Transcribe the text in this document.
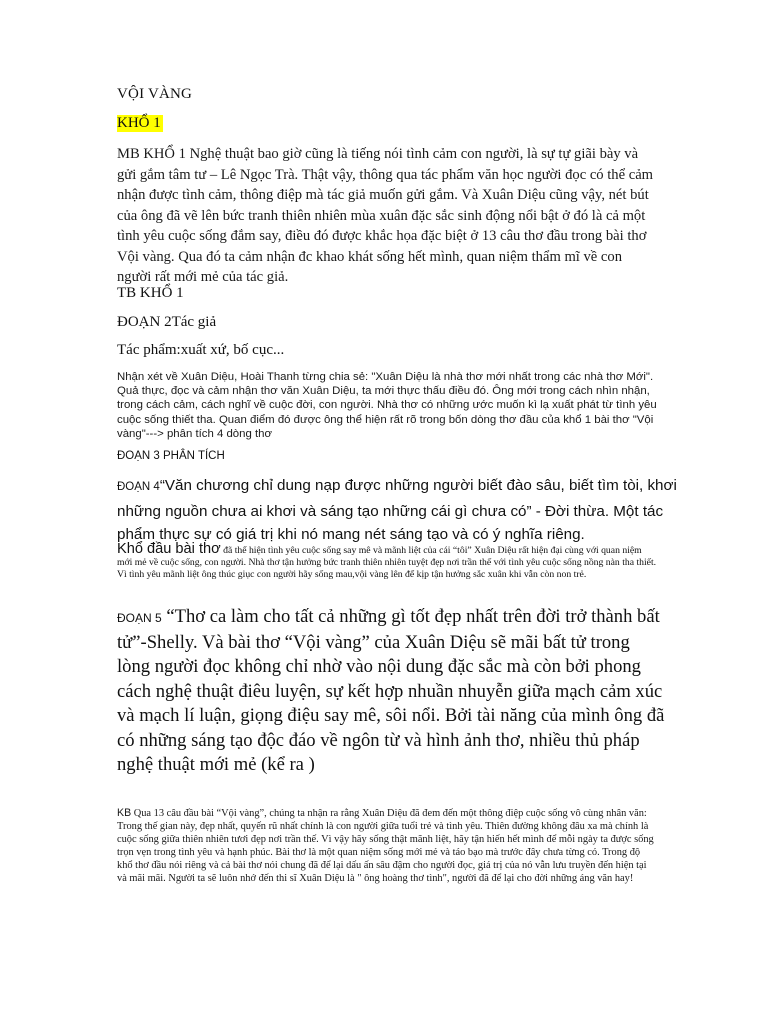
VỘI VÀNG

KHỔ 1

MB KHỔ 1 Nghệ thuật bao giờ cũng là tiếng nói tình cảm con người, là sự tự giãi bày và gửi gắm tâm tư – Lê Ngọc Trà. Thật vậy, thông qua tác phẩm văn học người đọc có thể cảm nhận được tình cảm, thông điệp mà tác giả muốn gửi gắm. Và Xuân Diệu cũng vậy, nét bút của ông đã vẽ lên bức tranh thiên nhiên mùa xuân đặc sắc sinh động nổi bật ở đó là cả một tình yêu cuộc sống đắm say, điều đó được khắc họa đặc biệt ở 13 câu thơ đầu trong bài thơ Vội vàng. Qua đó ta cảm nhận đc khao khát sống hết mình, quan niệm thẩm mĩ về con người rất mới mẻ của tác giả.

TB KHỔ 1

ĐOẠN 2Tác giả

Tác phẩm:xuất xứ, bố cục...

Nhận xét về Xuân Diệu, Hoài Thanh từng chia sẻ: "Xuân Diệu là nhà thơ mới nhất trong các nhà thơ Mới". Quả thực, đọc và cảm nhận thơ văn Xuân Diệu, ta mới thực thấu điều đó. Ông mới trong cách nhìn nhận, trong cách cảm, cách nghĩ về cuộc đời, con người. Nhà thơ có những ước muốn kì lạ xuất phát từ tình yêu cuộc sống thiết tha. Quan điểm đó được ông thể hiện rất rõ trong bốn dòng thơ đầu của khổ 1 bài thơ "Vội vàng"---> phân tích 4 dòng thơ

ĐOẠN 3 PHÂN TÍCH

ĐOẠN 4“Văn chương chỉ dung nạp được những người biết đào sâu, biết tìm tòi, khơi những nguồn chưa ai khơi và sáng tạo những cái gì chưa có” - Đời thừa. Một tác phẩm thực sự có giá trị khi nó mang nét sáng tạo và có ý nghĩa riêng.

Khổ đầu bài thơ đã thể hiện tình yêu cuộc sống say mê và mãnh liệt của cái “tôi” Xuân Diệu rất hiện đại cùng với quan niệm mới mẻ về cuộc sống, con người. Nhà thơ tận hưởng bức tranh thiên nhiên tuyệt đẹp nơi trần thế với tình yêu cuộc sống nồng nàn tha thiết. Vì tình yêu mãnh liệt ông thúc giục con người hãy sống mau,vội vàng lên để kịp tận hưởng sắc xuân khi vẫn còn non trẻ.

ĐOẠN 5 “Thơ ca làm cho tất cả những gì tốt đẹp nhất trên đời trở thành bất tử”-Shelly. Và bài thơ “Vội vàng” của Xuân Diệu sẽ mãi bất tử trong lòng người đọc không chỉ nhờ vào nội dung đặc sắc mà còn bởi phong cách nghệ thuật điêu luyện, sự kết hợp nhuần nhuyễn giữa mạch cảm xúc và mạch lí luận, giọng điệu say mê, sôi nổi. Bởi tài năng của mình ông đã có những sáng tạo độc đáo về ngôn từ và hình ảnh thơ, nhiều thủ pháp nghệ thuật mới mẻ (kể ra )

KB Qua 13 câu đầu bài “Vội vàng”, chúng ta nhận ra rằng Xuân Diệu đã đem đến một thông điệp cuộc sống vô cùng nhân văn: Trong thế gian này, đẹp nhất, quyến rũ nhất chính là con người giữa tuổi trẻ và tình yêu. Thiên đường không đâu xa mà chính là cuộc sống giữa thiên nhiên tươi đẹp nơi trần thế. Vì vậy hãy sống thật mãnh liệt, hãy tận hiến hết mình để mỗi ngày ta được sống trọn vẹn trong tình yêu và hạnh phúc. Bài thơ là một quan niệm sống mới mẻ và táo bạo mà trước đây chưa từng có. Trong độ khổ thơ đầu nói riêng và cả bài thơ nói chung đã để lại dấu ấn sâu đậm cho người đọc, giá trị của nó vẫn lưu truyền đến hiện tại và mãi mãi. Người ta sẽ luôn nhớ đến thi sĩ Xuân Diệu là " ông hoàng thơ tình", người đã để lại cho đời những áng văn hay!
